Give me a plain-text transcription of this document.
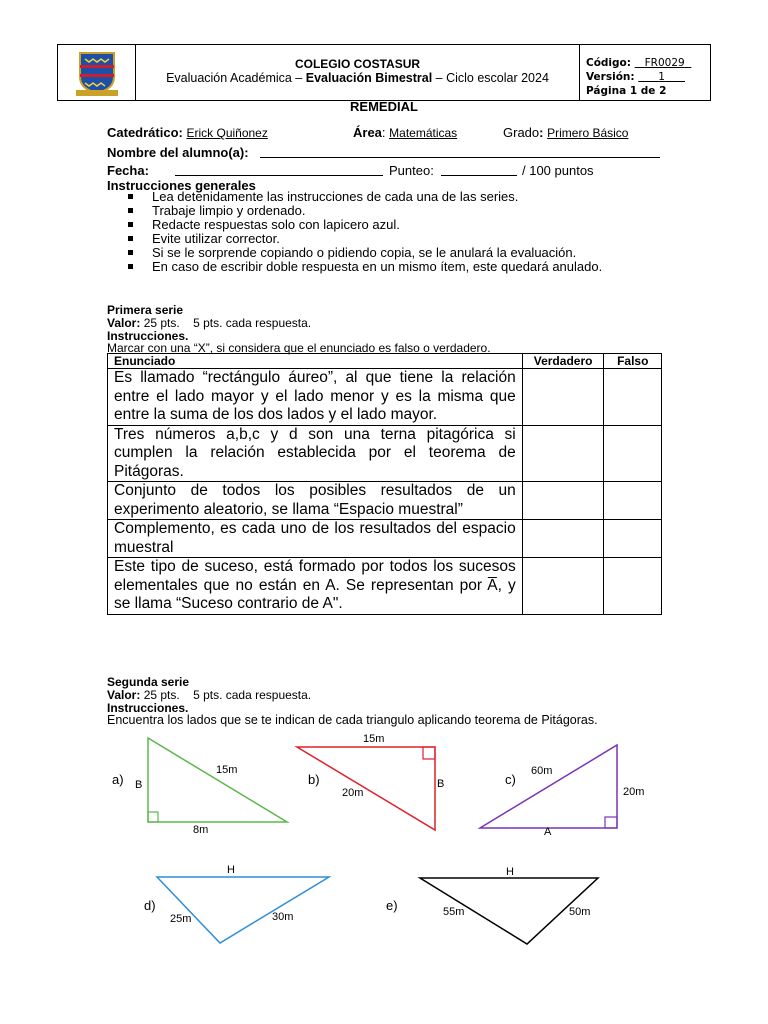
COLEGIO COSTASUR
Evaluación Académica – Evaluación Bimestral – Ciclo escolar 2024
Código: FR0029
Versión: 1
Página 1 de 2
REMEDIAL
Catedrático: Erick Quiñonez	Área: Matemáticas	Grado: Primero Básico
Nombre del alumno(a):
Fecha:	Punteo:	/ 100 puntos
Instrucciones generales
Lea detenidamente las instrucciones de cada una de las series.
Trabaje limpio y ordenado.
Redacte respuestas solo con lapicero azul.
Evite utilizar corrector.
Si se le sorprende copiando o pidiendo copia, se le anulará la evaluación.
En caso de escribir doble respuesta en un mismo ítem, este quedará anulado.
Primera serie
Valor: 25 pts.    5 pts. cada respuesta.
Instrucciones.
Marcar con una “X”, si considera que el enunciado es falso o verdadero.
Enunciado	Verdadero	Falso
Es llamado “rectángulo áureo”, al que tiene la relación entre el lado mayor y el lado menor y es la misma que entre la suma de los dos lados y el lado mayor.		
Tres números a,b,c y d son una terna pitagórica si cumplen la relación establecida por el teorema de Pitágoras.		
Conjunto de todos los posibles resultados de un experimento aleatorio, se llama “Espacio muestral”		
Complemento, es cada uno de los resultados del espacio muestral		
Este tipo de suceso, está formado por todos los sucesos elementales que no están en A. Se representan por A̅, y se llama “Suceso contrario de A".		
Segunda serie
Valor: 25 pts.    5 pts. cada respuesta.
Instrucciones.
Encuentra los lados que se te indican de cada triangulo aplicando teorema de Pitágoras.
a) B
15m
8m
b)
15m
B
20m
c)
60m
20m
A
d)
H
25m	30m
e)
H
55m	50m
